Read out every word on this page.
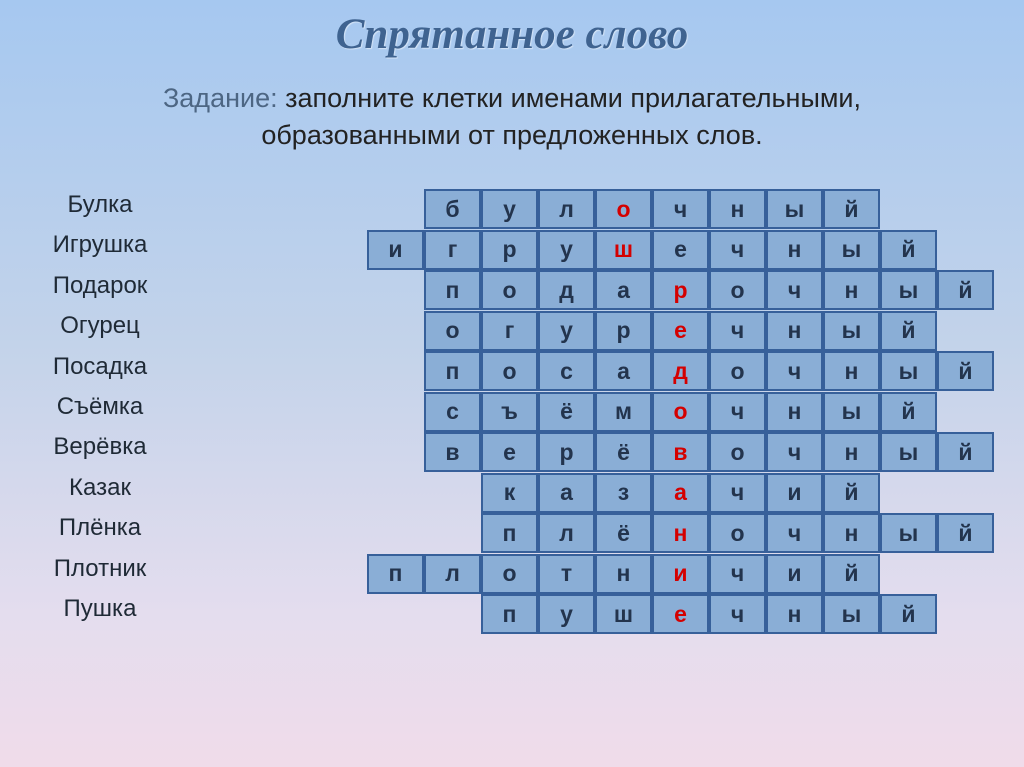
Спрятанное слово
Задание: заполните клетки именами прилагательными,
образованными от предложенных слов.
Булка
Игрушка
Подарок
Огурец
Посадка
Съёмка
Верёвка
Казак
Плёнка
Плотник
Пушка
б	у	л	о	ч	н	ы	й
и	г	р	у	ш	е	ч	н	ы	й
п	о	д	а	р	о	ч	н	ы	й
о	г	у	р	е	ч	н	ы	й
п	о	с	а	д	о	ч	н	ы	й
с	ъ	ё	м	о	ч	н	ы	й
в	е	р	ё	в	о	ч	н	ы	й
к	а	з	а	ч	и	й
п	л	ё	н	о	ч	н	ы	й
п	л	о	т	н	и	ч	и	й
п	у	ш	е	ч	н	ы	й
